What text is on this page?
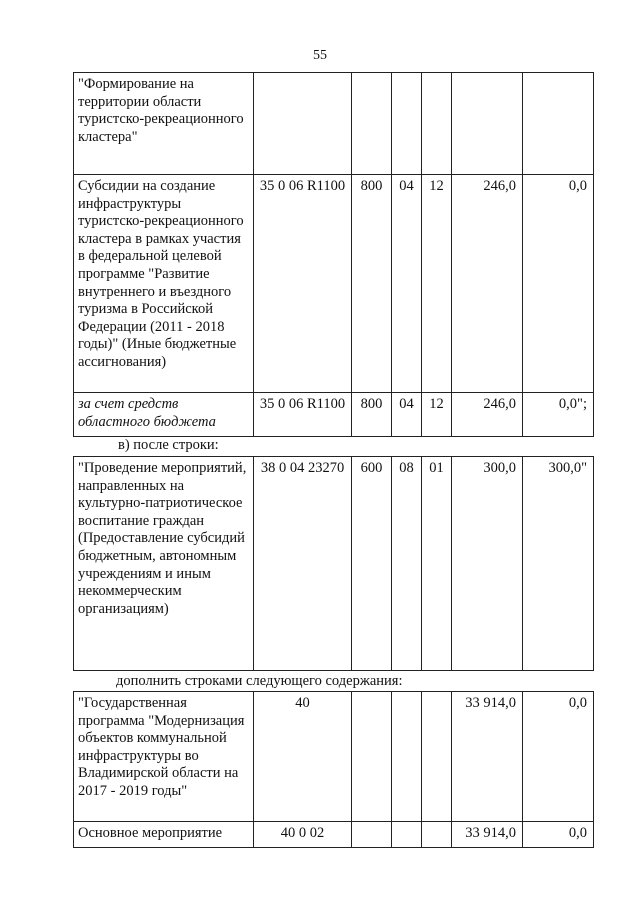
55
"Формирование на территории области туристско-рекреационного кластера"						
Субсидии на создание инфраструктуры туристско-рекреационного кластера в рамках участия в федеральной целевой программе "Развитие внутреннего и въездного туризма в Российской Федерации (2011 - 2018 годы)" (Иные бюджетные ассигнования)	35 0 06 R1100	800	04	12	246,0	0,0
за счет средств областного бюджета	35 0 06 R1100	800	04	12	246,0	0,0";
в) после строки:
"Проведение мероприятий, направленных на культурно-патриотическое воспитание граждан (Предоставление субсидий бюджетным, автономным учреждениям и иным некоммерческим организациям)	38 0 04 23270	600	08	01	300,0	300,0"
дополнить строками следующего содержания:
"Государственная программа "Модернизация объектов коммунальной инфраструктуры во Владимирской области на 2017 - 2019 годы"	40				33 914,0	0,0
Основное мероприятие	40 0 02				33 914,0	0,0
